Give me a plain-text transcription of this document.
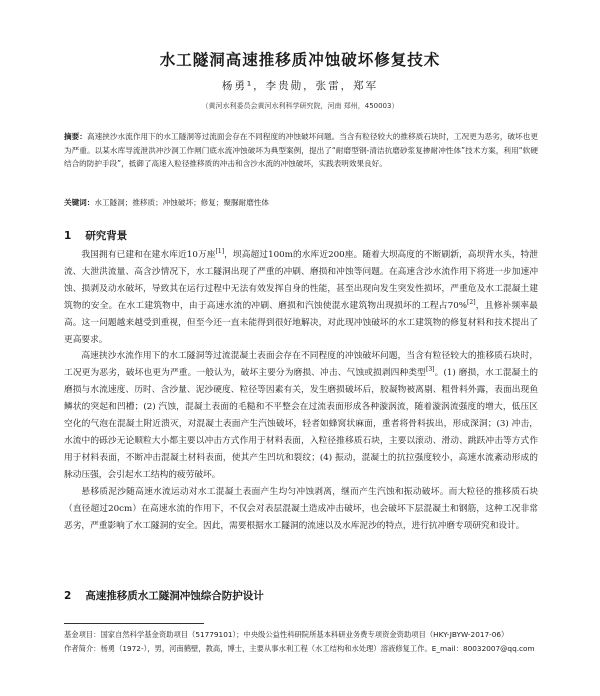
水工隧洞高速推移质冲蚀破坏修复技术
杨勇¹，李贵勋，张雷，郑军
（黄河水利委员会黄河水利科学研究院，河南 郑州，450003）
摘要：高速挟沙水流作用下的水工隧洞等过流面会存在不同程度的冲蚀破坏问题。当含有粒径较大的推移质石块时，工况更为恶劣，破坏也更为严重。以某水库导流泄洪冲沙洞工作闸门底水流冲蚀破坏为典型案例，提出了“耐磨型钢-清洁抗磨砂浆复掺耐冲性体”技术方案，利用“软硬结合的防护手段”，抵御了高速入粒径推移质的冲击和含沙水流的冲蚀破坏，实践表明效果良好。
关键词：水工隧洞；推移质；冲蚀破坏；修复；聚脲耐磨性体
1 研究背景

我国拥有已建和在建水库近10万座[1]，坝高超过100m的水库近200座。随着大坝高度的不断刷新，高坝背水头，特泄流、大泄洪流量、高含沙情况下，水工隧洞出现了严重的冲刷、磨损和冲蚀等问题。在高速含沙水流作用下将进一步加速冲蚀、损剥及动水破坏，导致其在运行过程中无法有效发挥自身的性能，甚至出现向发生突发性损坏，严重危及水工混凝土建筑物的安全。在水工建筑物中，由于高速水流的冲刷、磨损和汽蚀使混水建筑物出现损坏的工程占70%[2]，且修补频率最高。这一问题越来越受到重视，但至今还一直未能得到很好地解决，对此现冲蚀破坏的水工建筑物的修复材料和技术提出了更高要求。

高速挟沙水流作用下的水工隧洞等过流混凝土表面会存在不同程度的冲蚀破坏问题，当含有粒径较大的推移质石块时，工况更为恶劣，破坏也更为严重。一般认为，破坏主要分为磨损、冲击、气蚀或损剥四种类型[3]。(1) 磨损，水工混凝土的磨损与水流速度、历时、含沙量、泥沙硬度、粒径等因素有关，发生磨损破坏后，胶凝物被离剔、粗骨料外露，表面出现鱼鳞状的突起和凹槽；(2) 汽蚀，混凝土表面的毛糙和不平整会在过流表面形成各种漩涡流，随着漩涡流强度的增大，低压区空化的气泡在混凝土附近溃灭，对混凝土表面产生汽蚀破坏，轻者如蜂窝状麻面，重者将骨料拔出，形成深洞；(3) 冲击，水流中的砾沙无论顺粒大小都主要以冲击方式作用于材料表面，入粒径推移质石块，主要以滚动、滑动、跳跃冲击等方式作用于材料表面，不断冲击混凝土材料表面，使其产生凹坑和裂纹；(4) 振动，混凝土的抗拉强度较小，高速水流紊动形成的脉动压强，会引起水工结构的疲劳破坏。

悬移质泥沙随高速水流运动对水工混凝土表面产生均匀冲蚀剥离，继而产生汽蚀和振动破坏。而大粒径的推移质石块（直径超过20cm）在高速水流的作用下，不仅会对表层混凝土造成冲击破坏，也会破坏下层混凝土和钢筋，这种工况非常恶劣，严重影响了水工隧洞的安全。因此，需要根据水工隧洞的流速以及水库泥沙的特点，进行抗冲磨专项研究和设计。

2 高速推移质水工隧洞冲蚀综合防护设计

基金项目：国家自然科学基金资助项目（51779101）；中央级公益性科研院所基本科研业务费专项资金资助项目（HKY-JBYW-2017-06）

作者简介：杨勇（1972-），男，河南鹤壁，教高，博士，主要从事水利工程（水工结构和水处理）溶液修复工作。E_mail：80032007@qq.com
